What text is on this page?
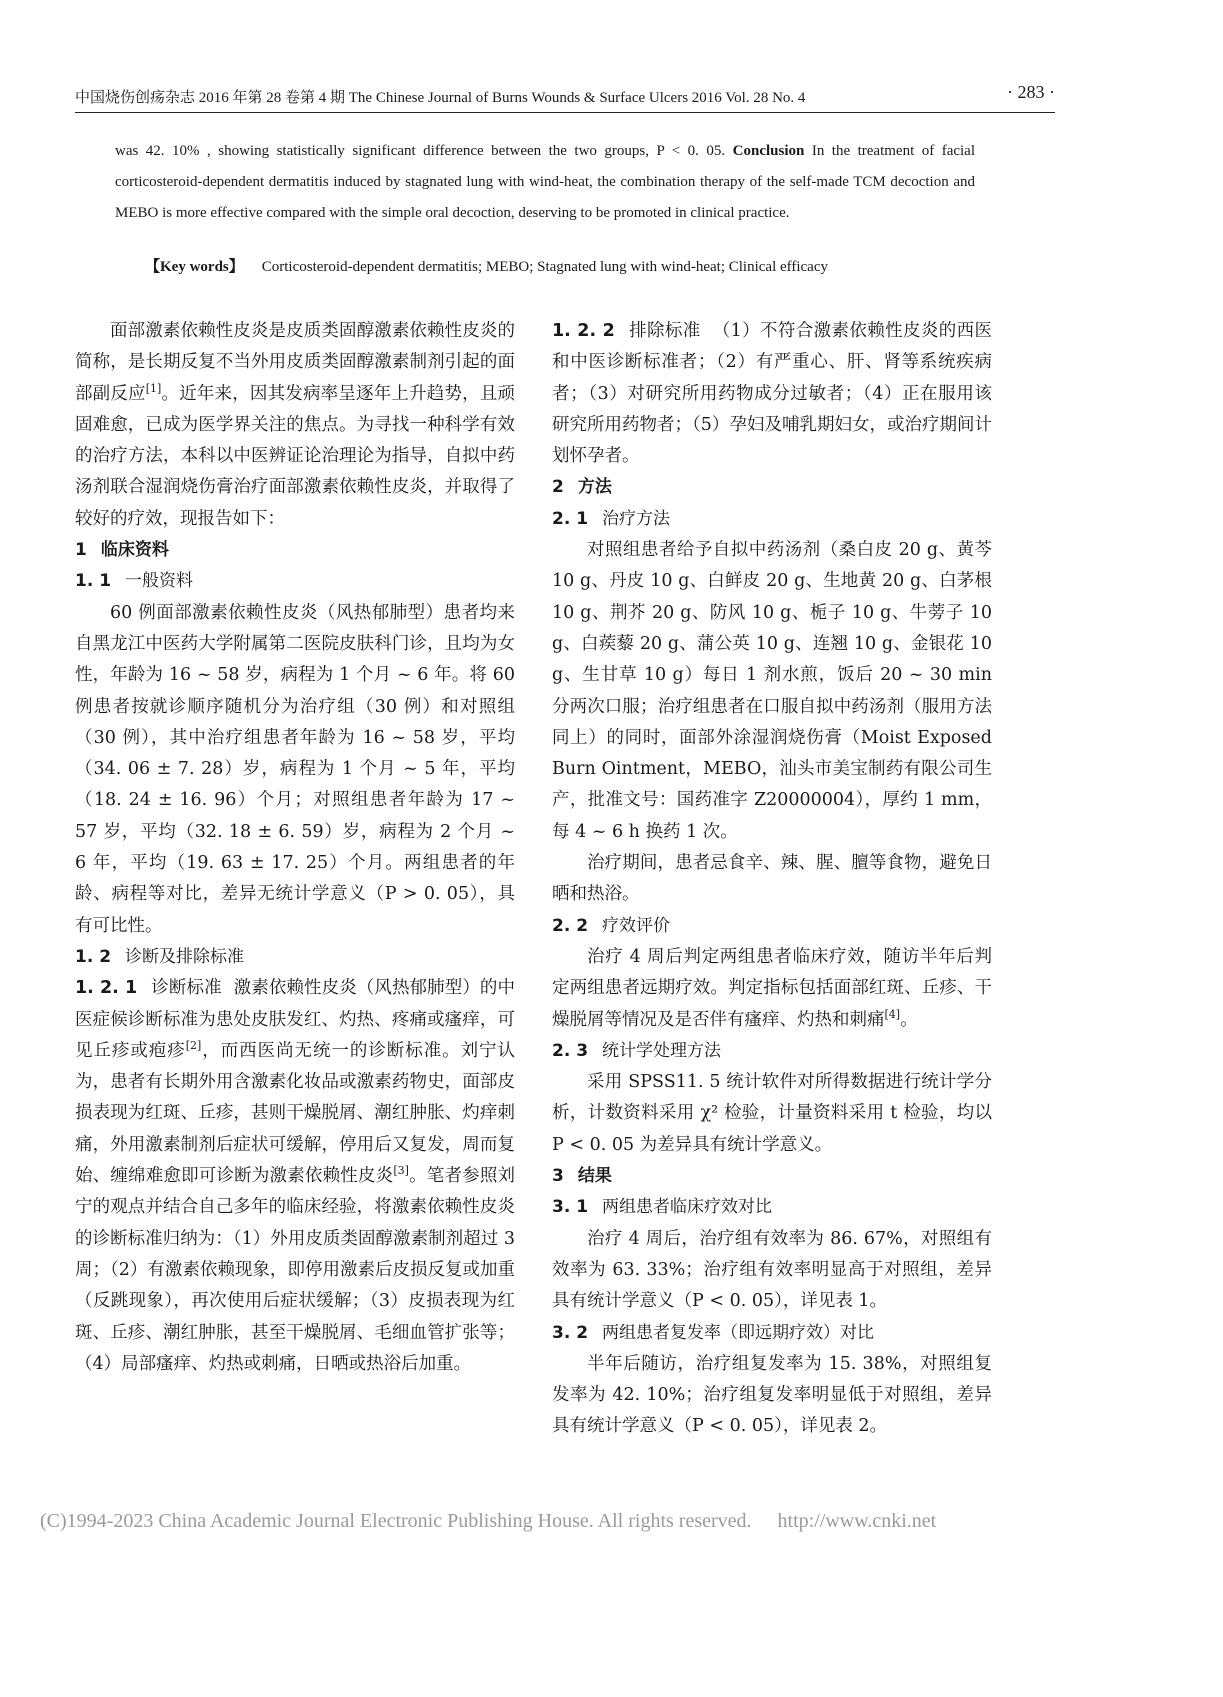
中国烧伤创疡杂志 2016 年第 28 卷第 4 期 The Chinese Journal of Burns Wounds & Surface Ulcers 2016 Vol. 28 No. 4	· 283 ·
was 42. 10% , showing statistically significant difference between the two groups, P < 0. 05. Conclusion In the treatment of facial corticosteroid-dependent dermatitis induced by stagnated lung with wind-heat, the combination therapy of the self-made TCM decoction and MEBO is more effective compared with the simple oral decoction, deserving to be promoted in clinical practice.
【Key words】 Corticosteroid-dependent dermatitis; MEBO; Stagnated lung with wind-heat; Clinical efficacy

面部激素依赖性皮炎是皮质类固醇激素依赖性皮炎的简称，是长期反复不当外用皮质类固醇激素制剂引起的面部副反应[1]。近年来，因其发病率呈逐年上升趋势，且顽固难愈，已成为医学界关注的焦点。为寻找一种科学有效的治疗方法，本科以中医辨证论治理论为指导，自拟中药汤剂联合湿润烧伤膏治疗面部激素依赖性皮炎，并取得了较好的疗效，现报告如下：

1 临床资料
1. 1 一般资料

60 例面部激素依赖性皮炎（风热郁肺型）患者均来自黑龙江中医药大学附属第二医院皮肤科门诊，且均为女性，年龄为 16 ~ 58 岁，病程为 1 个月 ~ 6 年。将 60 例患者按就诊顺序随机分为治疗组（30 例）和对照组（30 例），其中治疗组患者年龄为 16 ~ 58 岁，平均（34. 06 ± 7. 28）岁，病程为 1 个月 ~ 5 年，平均（18. 24 ± 16. 96）个月；对照组患者年龄为 17 ~ 57 岁，平均（32. 18 ± 6. 59）岁，病程为 2 个月 ~ 6 年，平均（19. 63 ± 17. 25）个月。两组患者的年龄、病程等对比，差异无统计学意义（P > 0. 05），具有可比性。

1. 2 诊断及排除标准

1. 2. 1 诊断标准 激素依赖性皮炎（风热郁肺型）的中医症候诊断标准为患处皮肤发红、灼热、疼痛或瘙痒，可见丘疹或疱疹[2]，而西医尚无统一的诊断标准。刘宁认为，患者有长期外用含激素化妆品或激素药物史，面部皮损表现为红斑、丘疹，甚则干燥脱屑、潮红肿胀、灼痒刺痛，外用激素制剂后症状可缓解，停用后又复发，周而复始、缠绵难愈即可诊断为激素依赖性皮炎[3]。笔者参照刘宁的观点并结合自己多年的临床经验，将激素依赖性皮炎的诊断标准归纳为：（1）外用皮质类固醇激素制剂超过 3 周；（2）有激素依赖现象，即停用激素后皮损反复或加重（反跳现象），再次使用后症状缓解；（3）皮损表现为红斑、丘疹、潮红肿胀，甚至干燥脱屑、毛细血管扩张等；（4）局部瘙痒、灼热或刺痛，日晒或热浴后加重。

1. 2. 2 排除标准 （1）不符合激素依赖性皮炎的西医和中医诊断标准者；（2）有严重心、肝、肾等系统疾病者；（3）对研究所用药物成分过敏者；（4）正在服用该研究所用药物者；（5）孕妇及哺乳期妇女，或治疗期间计划怀孕者。

2 方法
2. 1 治疗方法

对照组患者给予自拟中药汤剂（桑白皮 20 g、黄芩 10 g、丹皮 10 g、白鲜皮 20 g、生地黄 20 g、白茅根 10 g、荆芥 20 g、防风 10 g、栀子 10 g、牛蒡子 10 g、白蒺藜 20 g、蒲公英 10 g、连翘 10 g、金银花 10 g、生甘草 10 g）每日 1 剂水煎，饭后 20 ~ 30 min 分两次口服；治疗组患者在口服自拟中药汤剂（服用方法同上）的同时，面部外涂湿润烧伤膏（Moist Exposed Burn Ointment，MEBO，汕头市美宝制药有限公司生产，批准文号：国药准字 Z20000004），厚约 1 mm，每 4 ~ 6 h 换药 1 次。

治疗期间，患者忌食辛、辣、腥、膻等食物，避免日晒和热浴。

2. 2 疗效评价

治疗 4 周后判定两组患者临床疗效，随访半年后判定两组患者远期疗效。判定指标包括面部红斑、丘疹、干燥脱屑等情况及是否伴有瘙痒、灼热和刺痛[4]。

2. 3 统计学处理方法

采用 SPSS11. 5 统计软件对所得数据进行统计学分析，计数资料采用 χ² 检验，计量资料采用 t 检验，均以 P < 0. 05 为差异具有统计学意义。

3 结果
3. 1 两组患者临床疗效对比

治疗 4 周后，治疗组有效率为 86. 67%，对照组有效率为 63. 33%；治疗组有效率明显高于对照组，差异具有统计学意义（P < 0. 05），详见表 1。

3. 2 两组患者复发率（即远期疗效）对比

半年后随访，治疗组复发率为 15. 38%，对照组复发率为 42. 10%；治疗组复发率明显低于对照组，差异具有统计学意义（P < 0. 05），详见表 2。

(C)1994-2023 China Academic Journal Electronic Publishing House. All rights reserved. http://www.cnki.net
